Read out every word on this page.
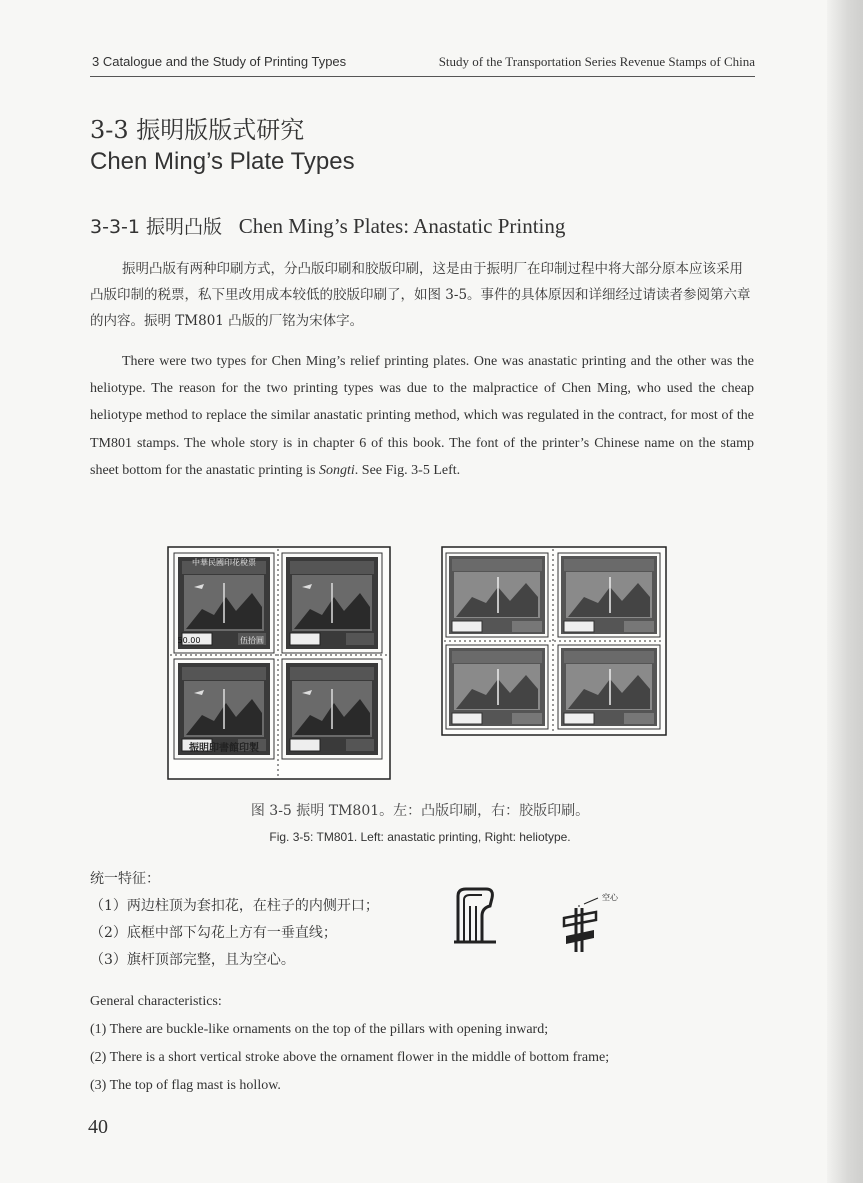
3 Catalogue and the Study of Printing Types	Study of the Transportation Series Revenue Stamps of China
3-3 振明版版式研究
Chen Ming’s Plate Types
3-3-1 振明凸版 Chen Ming’s Plates: Anastatic Printing
振明凸版有两种印刷方式，分凸版印刷和胶版印刷，这是由于振明厂在印制过程中将大部分原本应该采用凸版印制的税票，私下里改用成本较低的胶版印刷了，如图 3-5。事件的具体原因和详细经过请读者参阅第六章的内容。振明 TM801 凸版的厂铭为宋体字。
There were two types for Chen Ming’s relief printing plates. One was anastatic printing and the other was the heliotype. The reason for the two printing types was due to the malpractice of Chen Ming, who used the cheap heliotype method to replace the similar anastatic printing method, which was regulated in the contract, for most of the TM801 stamps. The whole story is in chapter 6 of this book. The font of the printer’s Chinese name on the stamp sheet bottom for the anastatic printing is Songti. See Fig. 3-5 Left.
中華民國印花稅票
50.00	伍拾圓
振明印書館印製
图 3-5 振明 TM801。左：凸版印刷，右：胶版印刷。
Fig. 3-5: TM801. Left: anastatic printing, Right: heliotype.
统一特征：
（1）两边柱顶为套扣花，在柱子的内侧开口；
（2）底框中部下勾花上方有一垂直线；
（3）旗杆顶部完整，且为空心。
空心
General characteristics:
(1) There are buckle-like ornaments on the top of the pillars with opening inward;
(2) There is a short vertical stroke above the ornament flower in the middle of bottom frame;
(3) The top of flag mast is hollow.
40
